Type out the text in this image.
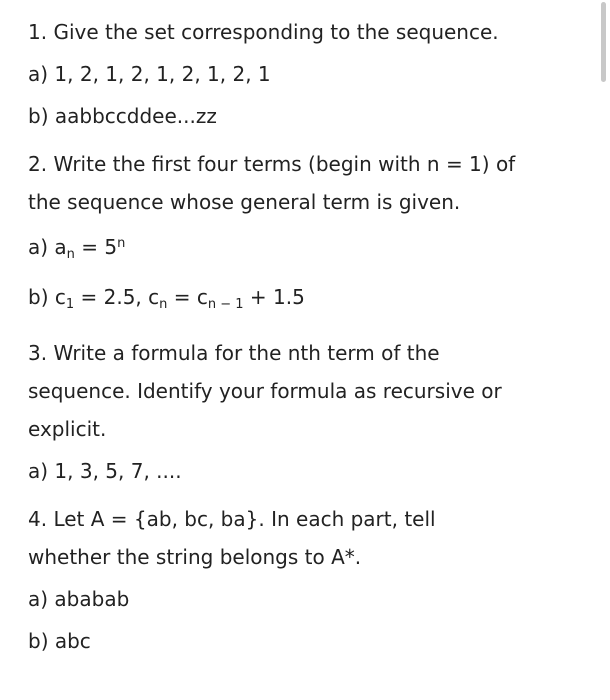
1. Give the set corresponding to the sequence.
a) 1, 2, 1, 2, 1, 2, 1, 2, 1
b) aabbccddee...zz
2. Write the first four terms (begin with n = 1) of
the sequence whose general term is given.
a) $a_n = 5^n$
b) $c_1 = 2.5$, $c_n = c_{n - 1} + 1.5$
3. Write a formula for the nth term of the
sequence. Identify your formula as recursive or
explicit.
a) 1, 3, 5, 7, ....
4. Let A = {ab, bc, ba}. In each part, tell
whether the string belongs to A*.
a) ababab
b) abc
